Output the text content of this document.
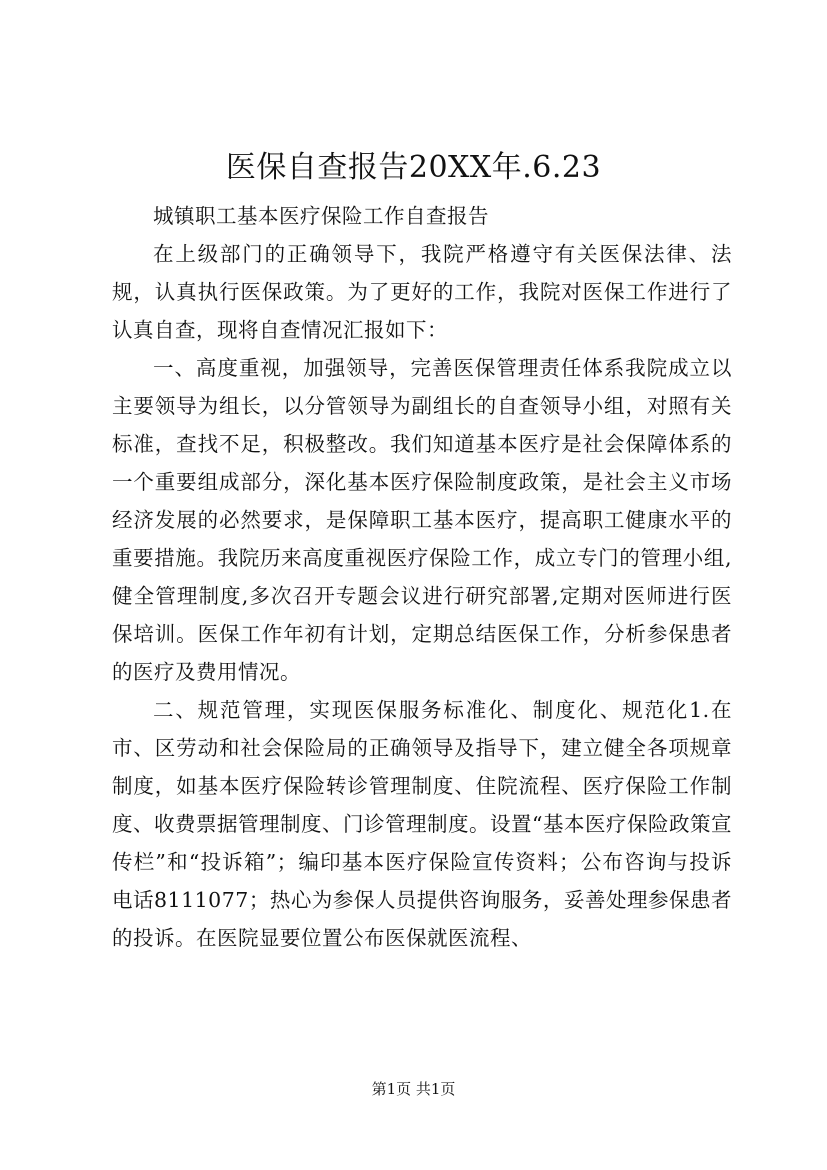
医保自查报告20XX年.6.23

城镇职工基本医疗保险工作自查报告

在上级部门的正确领导下，我院严格遵守有关医保法律、法规，认真执行医保政策。为了更好的工作，我院对医保工作进行了认真自查，现将自查情况汇报如下：

一、高度重视，加强领导，完善医保管理责任体系我院成立以主要领导为组长，以分管领导为副组长的自查领导小组，对照有关标准，查找不足，积极整改。我们知道基本医疗是社会保障体系的一个重要组成部分，深化基本医疗保险制度政策，是社会主义市场经济发展的必然要求，是保障职工基本医疗，提高职工健康水平的重要措施。我院历来高度重视医疗保险工作，成立专门的管理小组,健全管理制度,多次召开专题会议进行研究部署,定期对医师进行医保培训。医保工作年初有计划，定期总结医保工作，分析参保患者的医疗及费用情况。

二、规范管理，实现医保服务标准化、制度化、规范化1.在市、区劳动和社会保险局的正确领导及指导下，建立健全各项规章制度，如基本医疗保险转诊管理制度、住院流程、医疗保险工作制度、收费票据管理制度、门诊管理制度。设置“基本医疗保险政策宣传栏”和“投诉箱”；编印基本医疗保险宣传资料；公布咨询与投诉电话8111077；热心为参保人员提供咨询服务，妥善处理参保患者的投诉。在医院显要位置公布医保就医流程、

第1页 共1页
